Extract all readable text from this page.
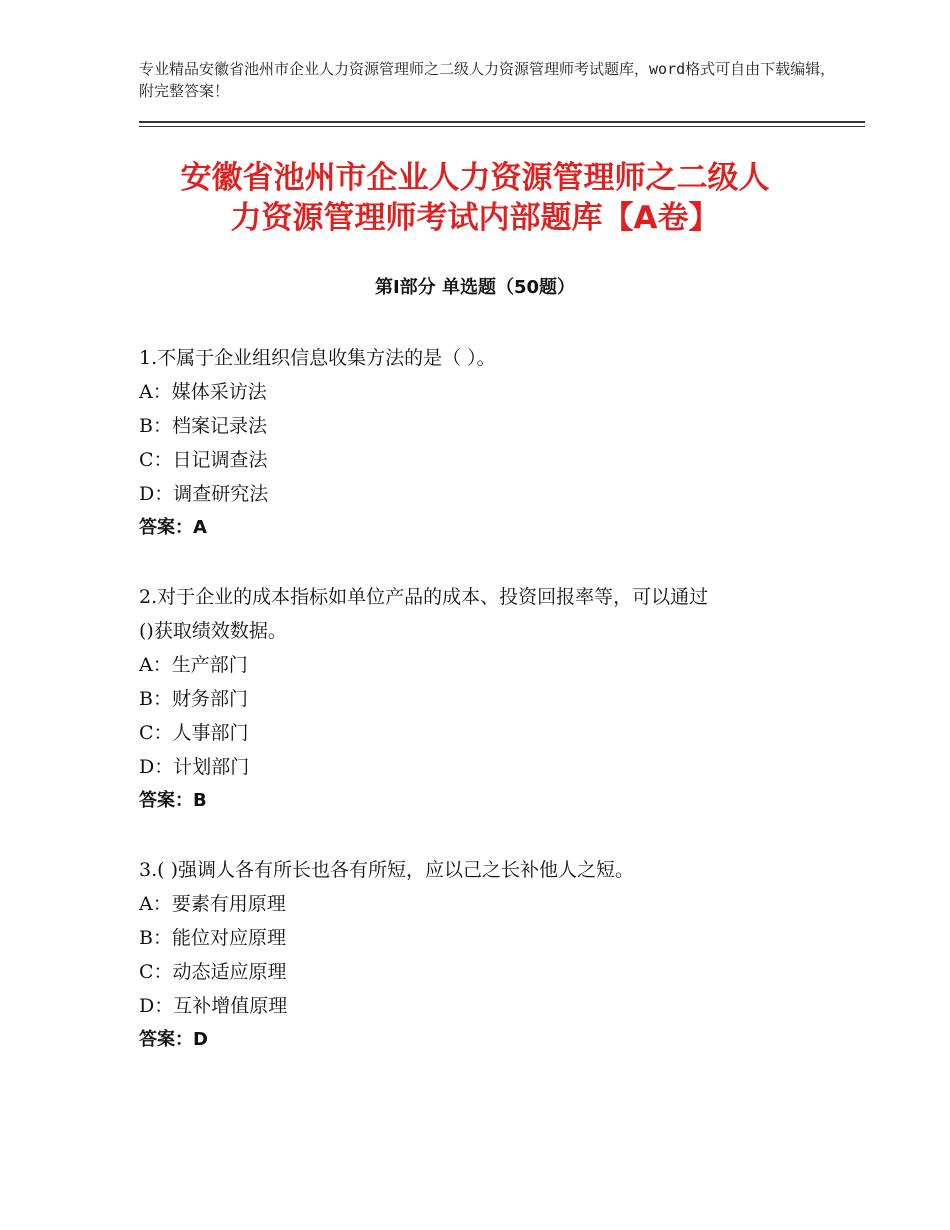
专业精品安徽省池州市企业人力资源管理师之二级人力资源管理师考试题库，word格式可自由下载编辑，附完整答案！
安徽省池州市企业人力资源管理师之二级人
力资源管理师考试内部题库【A卷】
第Ⅰ部分 单选题（50题）
1.不属于企业组织信息收集方法的是（ ）。
A：媒体采访法
B：档案记录法
C：日记调查法
D：调查研究法
答案：A
2.对于企业的成本指标如单位产品的成本、投资回报率等，可以通过
()获取绩效数据。
A：生产部门
B：财务部门
C：人事部门
D：计划部门
答案：B
3.( )强调人各有所长也各有所短，应以己之长补他人之短。
A：要素有用原理
B：能位对应原理
C：动态适应原理
D：互补增值原理
答案：D
